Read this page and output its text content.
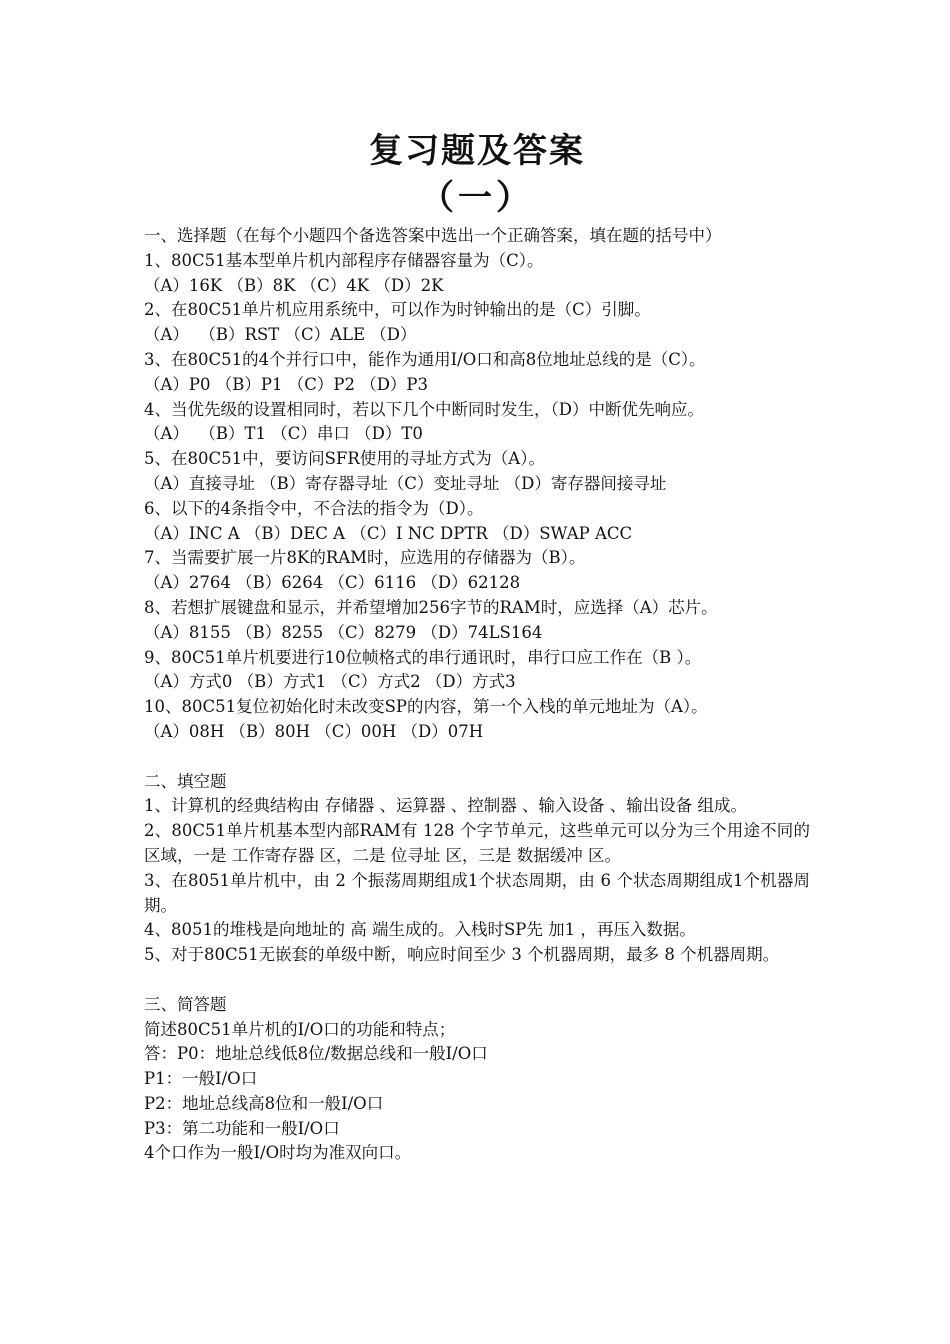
复习题及答案
（一）

一、选择题（在每个小题四个备选答案中选出一个正确答案，填在题的括号中）

1、80C51基本型单片机内部程序存储器容量为（C）。

（A）16K （B）8K （C）4K （D）2K

2、在80C51单片机应用系统中，可以作为时钟输出的是（C）引脚。

（A）  （B）RST （C）ALE （D）

3、在80C51的4个并行口中，能作为通用I/O口和高8位地址总线的是（C）。

（A）P0 （B）P1 （C）P2 （D）P3

4、当优先级的设置相同时，若以下几个中断同时发生，（D）中断优先响应。

（A）  （B）T1 （C）串口 （D）T0

5、在80C51中，要访问SFR使用的寻址方式为（A）。

（A）直接寻址 （B）寄存器寻址（C）变址寻址 （D）寄存器间接寻址

6、以下的4条指令中，不合法的指令为（D）。

（A）INC A （B）DEC A （C）I NC DPTR （D）SWAP ACC

7、当需要扩展一片8K的RAM时，应选用的存储器为（B）。

（A）2764 （B）6264 （C）6116 （D）62128

8、若想扩展键盘和显示，并希望增加256字节的RAM时，应选择（A）芯片。

（A）8155 （B）8255 （C）8279 （D）74LS164

9、80C51单片机要进行10位帧格式的串行通讯时，串行口应工作在（B ）。

（A）方式0 （B）方式1 （C）方式2 （D）方式3

10、80C51复位初始化时未改变SP的内容，第一个入栈的单元地址为（A）。

（A）08H （B）80H （C）00H （D）07H

二、填空题

1、计算机的经典结构由 存储器 、运算器 、控制器 、输入设备 、输出设备 组成。

2、80C51单片机基本型内部RAM有 128 个字节单元，这些单元可以分为三个用途不同的区域，一是 工作寄存器 区，二是 位寻址 区，三是 数据缓冲 区。

3、在8051单片机中，由 2 个振荡周期组成1个状态周期，由 6 个状态周期组成1个机器周期。

4、8051的堆栈是向地址的 高 端生成的。入栈时SP先 加1 ，再压入数据。

5、对于80C51无嵌套的单级中断，响应时间至少 3 个机器周期，最多 8 个机器周期。

三、简答题

简述80C51单片机的I/O口的功能和特点；

答：P0：地址总线低8位/数据总线和一般I/O口

P1：一般I/O口

P2：地址总线高8位和一般I/O口

P3：第二功能和一般I/O口

4个口作为一般I/O时均为准双向口。
